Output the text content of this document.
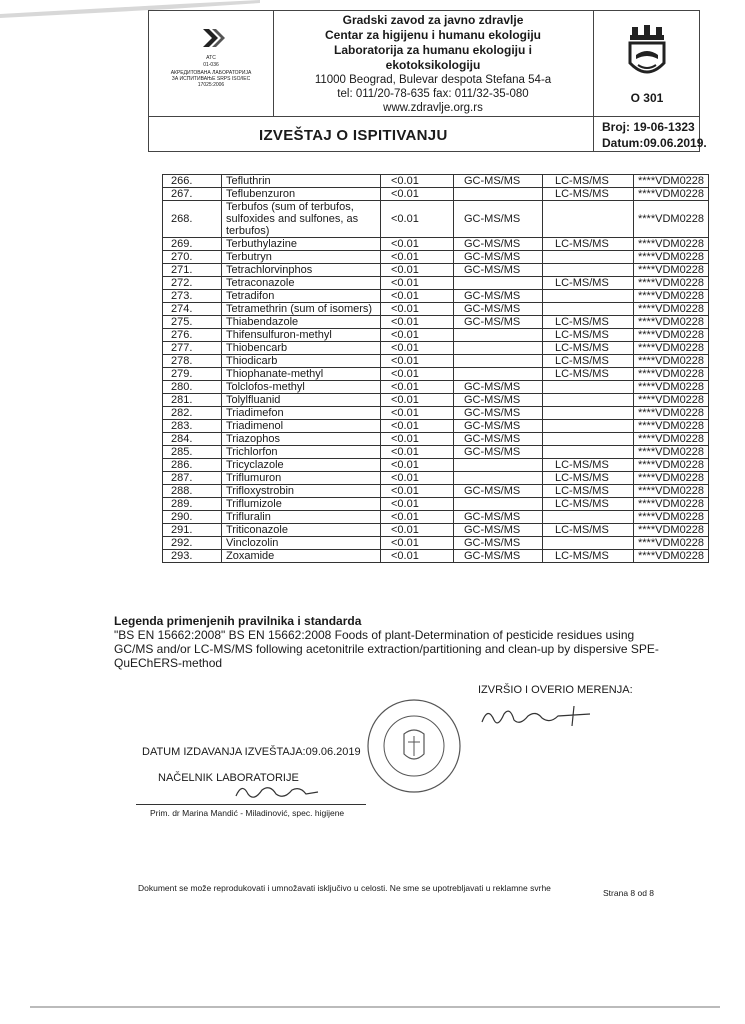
ATC
01-036
АКРЕДИТОВАНА ЛАБОРАТОРИЈА ЗА ИСПИТИВАЊЕ SRPS ISO/IEC 17025:2006
Gradski zavod za javno zdravlje
Centar za higijenu i humanu ekologiju
Laboratorija za humanu ekologiju i
ekotoksikologiju
11000 Beograd, Bulevar despota Stefana 54-a
tel: 011/20-78-635 fax: 011/32-35-080
www.zdravlje.org.rs
O 301
IZVEŠTAJ O ISPITIVANJU	Broj: 19-06-1323
Datum:09.06.2019.
266.	Tefluthrin	<0.01	GC-MS/MS	LC-MS/MS	****VDM0228
267.	Teflubenzuron	<0.01		LC-MS/MS	****VDM0228
268.	Terbufos (sum of terbufos, sulfoxides and sulfones, as terbufos)	<0.01	GC-MS/MS		****VDM0228
269.	Terbuthylazine	<0.01	GC-MS/MS	LC-MS/MS	****VDM0228
270.	Terbutryn	<0.01	GC-MS/MS		****VDM0228
271.	Tetrachlorvinphos	<0.01	GC-MS/MS		****VDM0228
272.	Tetraconazole	<0.01		LC-MS/MS	****VDM0228
273.	Tetradifon	<0.01	GC-MS/MS		****VDM0228
274.	Tetramethrin (sum of isomers)	<0.01	GC-MS/MS		****VDM0228
275.	Thiabendazole	<0.01	GC-MS/MS	LC-MS/MS	****VDM0228
276.	Thifensulfuron-methyl	<0.01		LC-MS/MS	****VDM0228
277.	Thiobencarb	<0.01		LC-MS/MS	****VDM0228
278.	Thiodicarb	<0.01		LC-MS/MS	****VDM0228
279.	Thiophanate-methyl	<0.01		LC-MS/MS	****VDM0228
280.	Tolclofos-methyl	<0.01	GC-MS/MS		****VDM0228
281.	Tolylfluanid	<0.01	GC-MS/MS		****VDM0228
282.	Triadimefon	<0.01	GC-MS/MS		****VDM0228
283.	Triadimenol	<0.01	GC-MS/MS		****VDM0228
284.	Triazophos	<0.01	GC-MS/MS		****VDM0228
285.	Trichlorfon	<0.01	GC-MS/MS		****VDM0228
286.	Tricyclazole	<0.01		LC-MS/MS	****VDM0228
287.	Triflumuron	<0.01		LC-MS/MS	****VDM0228
288.	Trifloxystrobin	<0.01	GC-MS/MS	LC-MS/MS	****VDM0228
289.	Triflumizole	<0.01		LC-MS/MS	****VDM0228
290.	Trifluralin	<0.01	GC-MS/MS		****VDM0228
291.	Triticonazole	<0.01	GC-MS/MS	LC-MS/MS	****VDM0228
292.	Vinclozolin	<0.01	GC-MS/MS		****VDM0228
293.	Zoxamide	<0.01	GC-MS/MS	LC-MS/MS	****VDM0228
Legenda primenjenih pravilnika i standarda
"BS EN 15662:2008" BS EN 15662:2008 Foods of plant-Determination of pesticide residues using GC/MS and/or LC-MS/MS following acetonitrile extraction/partitioning and clean-up by dispersive SPE-QuEChERS-method
IZVRŠIO I OVERIO MERENJA:
DATUM IZDAVANJA IZVEŠTAJA:09.06.2019
NAČELNIK LABORATORIJE
Prim. dr Marina Mandić - Miladinović, spec. higijene
Dokument se može reprodukovati i umnožavati isključivo u celosti. Ne sme se upotrebljavati u reklamne svrhe	Strana 8 od 8
